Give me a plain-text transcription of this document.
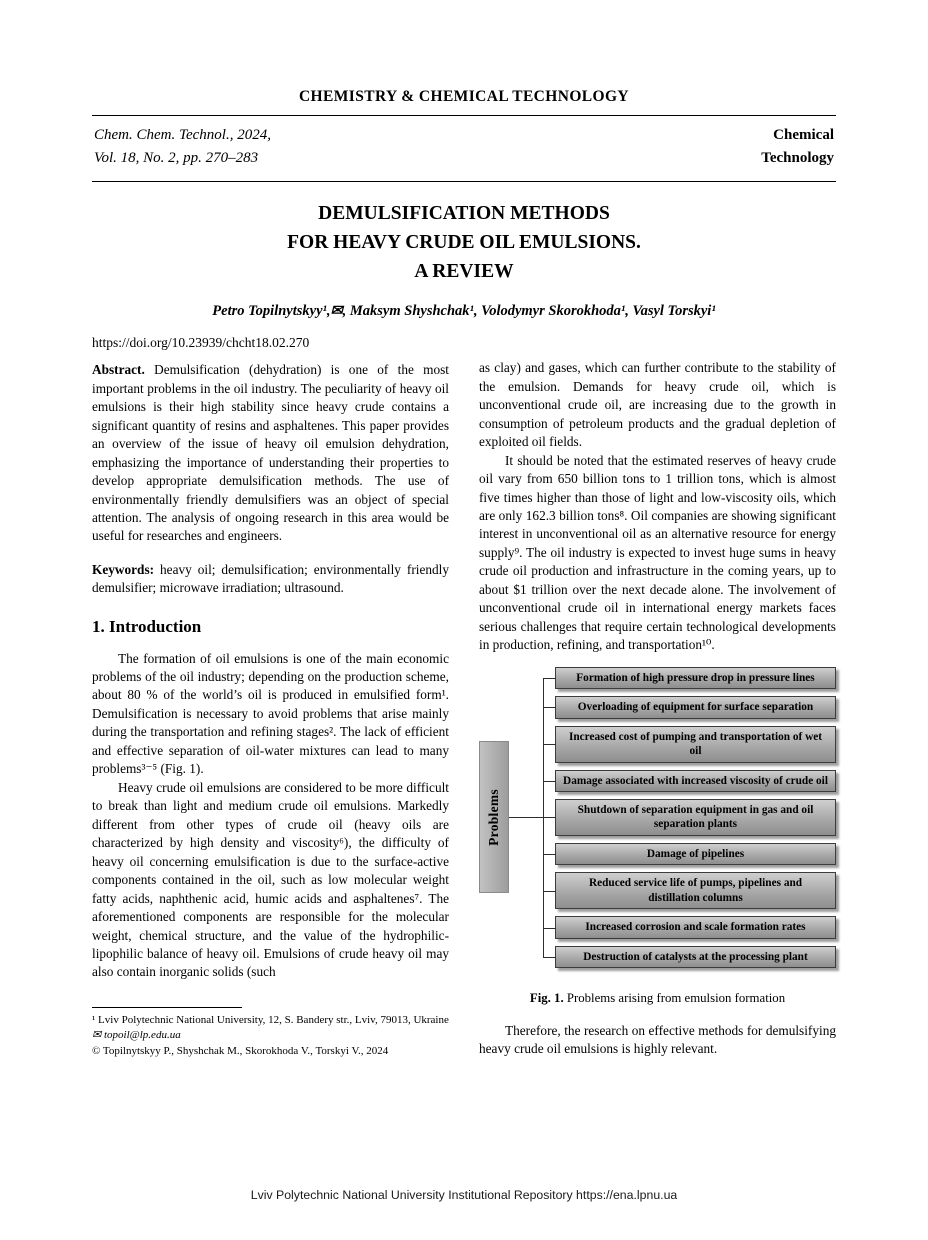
CHEMISTRY & CHEMICAL TECHNOLOGY
Chem. Chem. Technol., 2024,
Vol. 18, No. 2, pp. 270–283
Chemical
Technology
DEMULSIFICATION METHODS
FOR HEAVY CRUDE OIL EMULSIONS.
A REVIEW
Petro Topilnytskyy¹,✉, Maksym Shyshchak¹, Volodymyr Skorokhoda¹, Vasyl Torskyi¹
https://doi.org/10.23939/chcht18.02.270

Abstract. Demulsification (dehydration) is one of the most important problems in the oil industry. The peculiarity of heavy oil emulsions is their high stability since heavy crude contains a significant quantity of resins and asphaltenes. This paper provides an overview of the issue of heavy oil emulsion dehydration, emphasizing the importance of understanding their properties to develop appropriate demulsification methods. The use of environmentally friendly demulsifiers was an object of special attention. The analysis of ongoing research in this area would be useful for researches and engineers.

Keywords: heavy oil; demulsification; environmentally friendly demulsifier; microwave irradiation; ultrasound.

1. Introduction

The formation of oil emulsions is one of the main economic problems of the oil industry; depending on the production scheme, about 80 % of the world’s oil is produced in emulsified form¹. Demulsification is necessary to avoid problems that arise mainly during the transportation and refining stages². The lack of efficient and effective separation of oil-water mixtures can lead to many problems³⁻⁵ (Fig. 1).

Heavy crude oil emulsions are considered to be more difficult to break than light and medium crude oil emulsions. Markedly different from other types of crude oil (heavy oils are characterized by high density and viscosity⁶), the difficulty of heavy oil concerning emulsification is due to the surface-active components contained in the oil, such as low molecular weight fatty acids, naphthenic acid, humic acids and asphaltenes⁷. The aforementioned components are responsible for the molecular weight, chemical structure, and the value of the hydrophilic-lipophilic balance of heavy oil. Emulsions of crude heavy oil may also contain inorganic solids (such

¹ Lviv Polytechnic National University, 12, S. Bandery str., Lviv, 79013, Ukraine
✉ topoil@lp.edu.ua
© Topilnytskyy P., Shyshchak M., Skorokhoda V., Torskyi V., 2024

as clay) and gases, which can further contribute to the stability of the emulsion. Demands for heavy crude oil, which is unconventional crude oil, are increasing due to the growth in consumption of petroleum products and the gradual depletion of exploited oil fields.

It should be noted that the estimated reserves of heavy crude oil vary from 650 billion tons to 1 trillion tons, which is almost five times higher than those of light and low-viscosity oils, which are only 162.3 billion tons⁸. Oil companies are showing significant interest in unconventional oil as an alternative resource for energy supply⁹. The oil industry is expected to invest huge sums in heavy crude oil production and infrastructure in the coming years, up to about $1 trillion over the next decade alone. The involvement of unconventional crude oil in international energy markets faces serious challenges that require certain technological developments in production, refining, and transportation¹⁰.

Problems
Formation of high pressure drop in pressure lines
Overloading of equipment for surface separation
Increased cost of pumping and transportation of wet oil
Damage associated with increased viscosity of crude oil
Shutdown of separation equipment in gas and oil separation plants
Damage of pipelines
Reduced service life of pumps, pipelines and distillation columns
Increased corrosion and scale formation rates
Destruction of catalysts at the processing plant

Fig. 1. Problems arising from emulsion formation

Therefore, the research on effective methods for demulsifying heavy crude oil emulsions is highly relevant.

Lviv Polytechnic National University Institutional Repository https://ena.lpnu.ua
